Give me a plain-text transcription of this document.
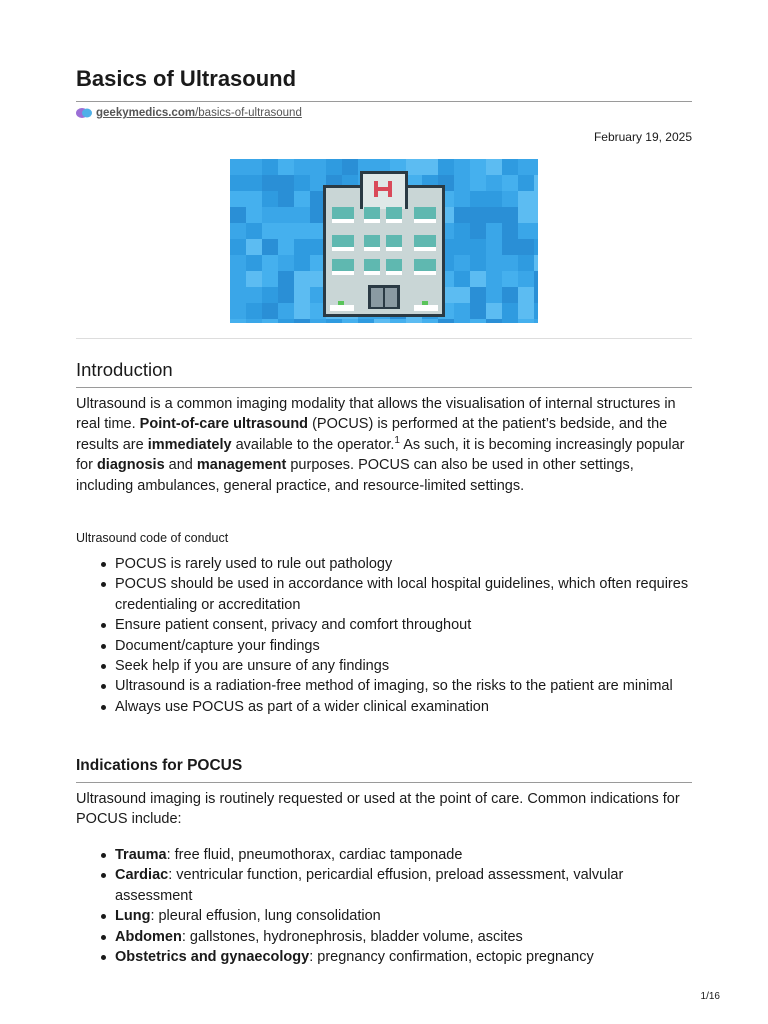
Basics of Ultrasound
geekymedics.com/basics-of-ultrasound
February 19, 2025
Introduction

Ultrasound is a common imaging modality that allows the visualisation of internal structures in real time. Point-of-care ultrasound (POCUS) is performed at the patient’s bedside, and the results are immediately available to the operator.$^1$ As such, it is becoming increasingly popular for diagnosis and management purposes. POCUS can also be used in other settings, including ambulances, general practice, and resource-limited settings.

Ultrasound code of conduct
POCUS is rarely used to rule out pathology
POCUS should be used in accordance with local hospital guidelines, which often requires credentialing or accreditation
Ensure patient consent, privacy and comfort throughout
Document/capture your findings
Seek help if you are unsure of any findings
Ultrasound is a radiation-free method of imaging, so the risks to the patient are minimal
Always use POCUS as part of a wider clinical examination
Indications for POCUS

Ultrasound imaging is routinely requested or used at the point of care. Common indications for POCUS include:

Trauma: free fluid, pneumothorax, cardiac tamponade
Cardiac: ventricular function, pericardial effusion, preload assessment, valvular assessment
Lung: pleural effusion, lung consolidation
Abdomen: gallstones, hydronephrosis, bladder volume, ascites
Obstetrics and gynaecology: pregnancy confirmation, ectopic pregnancy
1/16
